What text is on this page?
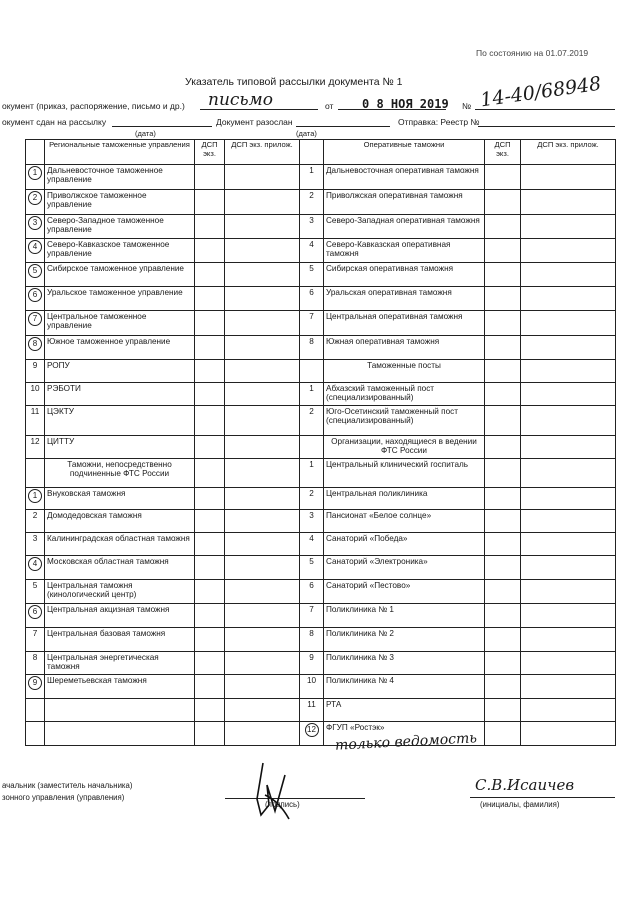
По состоянию на 01.07.2019
Указатель типовой рассылки документа № 1
окумент (приказ, распоряжение, письмо и др.) письмо	от 0 8 НОЯ 2019 № 14-40/68948
окумент сдан на рассылку	Документ разослан	Отправка: Реестр №
(дата)	(дата)
	Региональные таможенные управления	ДСП экз.	ДСП экз. прилож.		Оперативные таможни	ДСП экз.	ДСП экз. прилож.
1	Дальневосточное таможенное управление			1	Дальневосточная оперативная таможня		
2	Приволжское таможенное управление			2	Приволжская оперативная таможня		
3	Северо-Западное таможенное управление			3	Северо-Западная оперативная таможня		
4	Северо-Кавказское таможенное управление			4	Северо-Кавказская оперативная таможня		
5	Сибирское таможенное управление			5	Сибирская оперативная таможня		
6	Уральское таможенное управление			6	Уральская оперативная таможня		
7	Центральное таможенное управление			7	Центральная оперативная таможня		
8	Южное таможенное управление			8	Южная оперативная таможня		
9	РОПУ				Таможенные посты		
10	РЭБОТИ			1	Абхазский таможенный пост (специализированный)		
11	ЦЭКТУ			2	Юго-Осетинский таможенный пост (специализированный)		
12	ЦИТТУ				Организации, находящиеся в ведении ФТС России		
	Таможни, непосредственно подчиненные ФТС России			1	Центральный клинический госпиталь		
1	Внуковская таможня			2	Центральная поликлиника		
2	Домодедовская таможня			3	Пансионат «Белое солнце»		
3	Калининградская областная таможня			4	Санаторий «Победа»		
4	Московская областная таможня			5	Санаторий «Электроника»		
5	Центральная таможня (кинологический центр)			6	Санаторий «Пестово»		
6	Центральная акцизная таможня			7	Поликлиника № 1		
7	Центральная базовая таможня			8	Поликлиника № 2		
8	Центральная энергетическая таможня			9	Поликлиника № 3		
9	Шереметьевская таможня			10	Поликлиника № 4		
				11	РТА		
				12	ФГУП «Ростэк»		
только ведомость
ачальник (заместитель начальника)
зонного управления (управления)
(подпись)
С.В.Исаичев
(инициалы, фамилия)
